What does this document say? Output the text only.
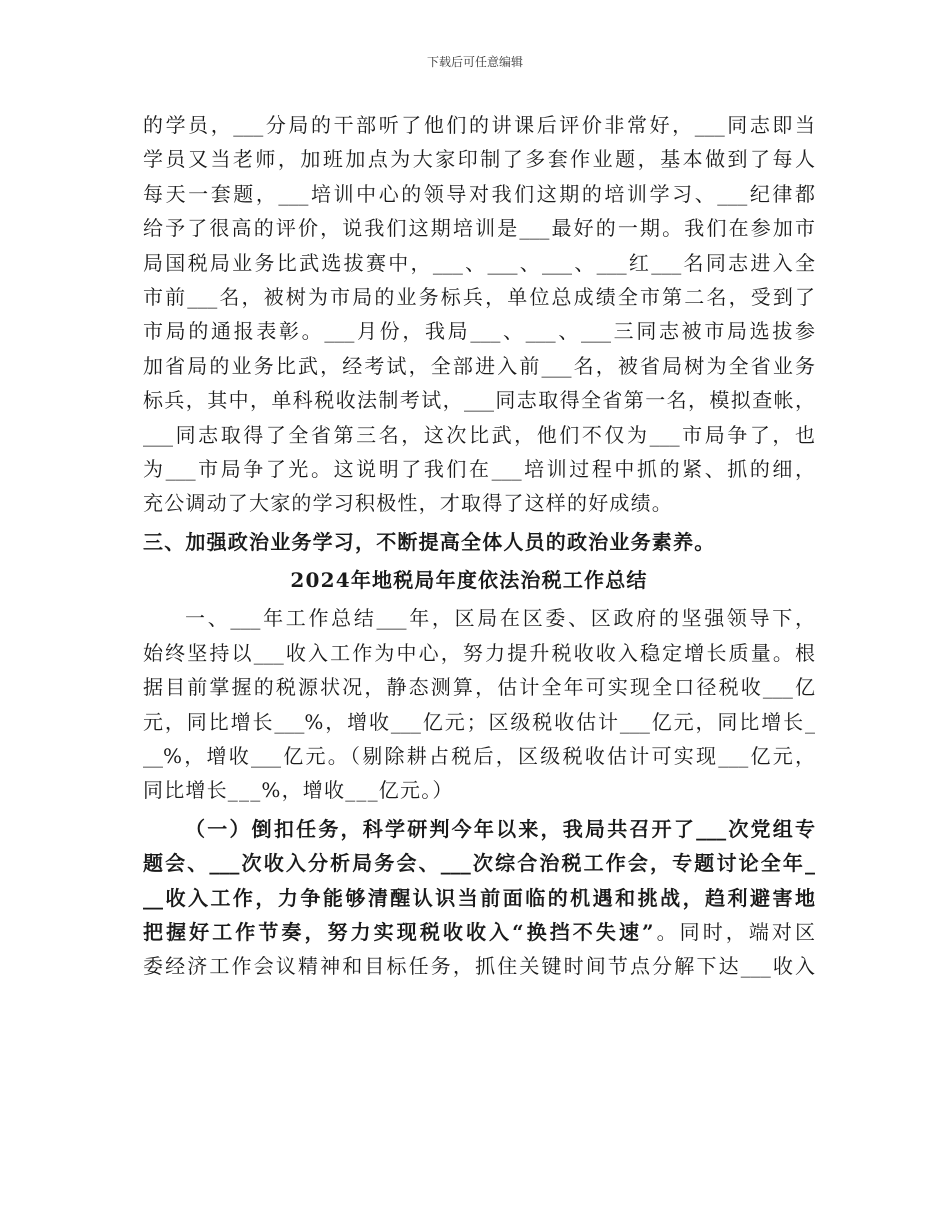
下载后可任意编辑
的学员，___分局的干部听了他们的讲课后评价非常好，___同志即当
学员又当老师，加班加点为大家印制了多套作业题，基本做到了每人
每天一套题，___培训中心的领导对我们这期的培训学习、___纪律都
给予了很高的评价，说我们这期培训是___最好的一期。我们在参加市
局国税局业务比武选拔赛中，___、___、___、___红___名同志进入全
市前___名，被树为市局的业务标兵，单位总成绩全市第二名，受到了
市局的通报表彰。___月份，我局___、___、___三同志被市局选拔参
加省局的业务比武，经考试，全部进入前___名，被省局树为全省业务
标兵，其中，单科税收法制考试，___同志取得全省第一名，模拟查帐，
___同志取得了全省第三名，这次比武，他们不仅为___市局争了，也
为___市局争了光。这说明了我们在___培训过程中抓的紧、抓的细，
充公调动了大家的学习积极性，才取得了这样的好成绩。
三、加强政治业务学习，不断提高全体人员的政治业务素养。
2024年地税局年度依法治税工作总结
一、___年工作总结___年，区局在区委、区政府的坚强领导下，
始终坚持以___收入工作为中心，努力提升税收收入稳定增长质量。根
据目前掌握的税源状况，静态测算，估计全年可实现全口径税收___亿
元，同比增长___%，增收___亿元；区级税收估计___亿元，同比增长_
__%，增收___亿元。（剔除耕占税后，区级税收估计可实现___亿元，
同比增长___%，增收___亿元。）
（一）倒扣任务，科学研判今年以来，我局共召开了___次党组专
题会、___次收入分析局务会、___次综合治税工作会，专题讨论全年_
__收入工作，力争能够清醒认识当前面临的机遇和挑战，趋利避害地
把握好工作节奏，努力实现税收收入“换挡不失速”。同时，端对区
委经济工作会议精神和目标任务，抓住关键时间节点分解下达___收入
